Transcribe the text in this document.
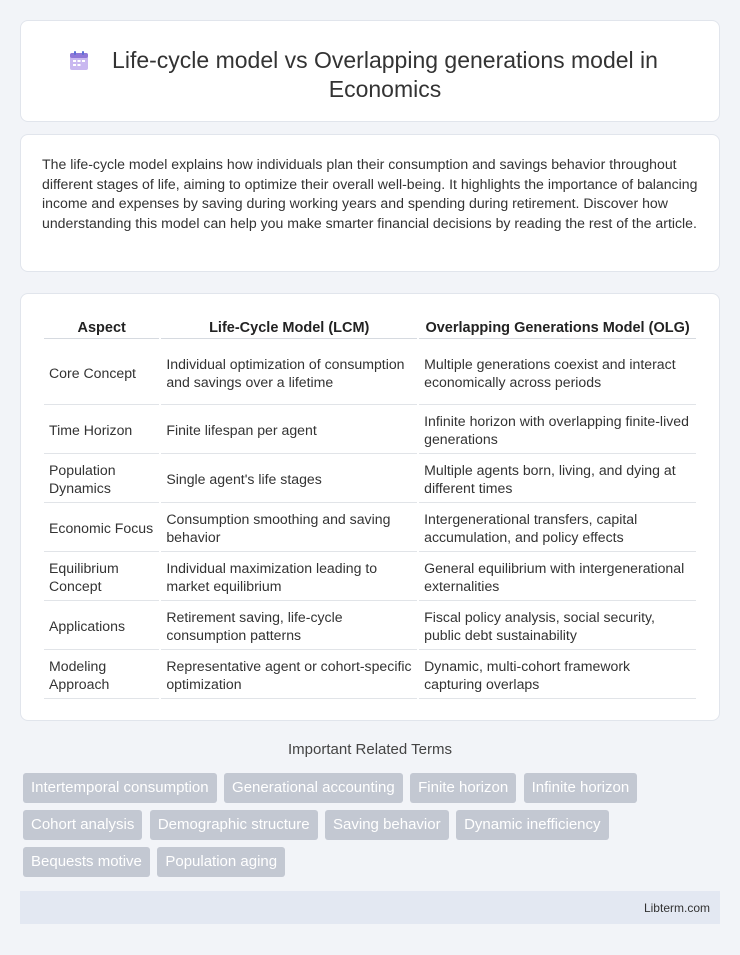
Life-cycle model vs Overlapping generations model in Economics

The life-cycle model explains how individuals plan their consumption and savings behavior throughout different stages of life, aiming to optimize their overall well-being. It highlights the importance of balancing income and expenses by saving during working years and spending during retirement. Discover how understanding this model can help you make smarter financial decisions by reading the rest of the article.

Aspect	Life-Cycle Model (LCM)	Overlapping Generations Model (OLG)
Core Concept	Individual optimization of consumption and savings over a lifetime	Multiple generations coexist and interact economically across periods
Time Horizon	Finite lifespan per agent	Infinite horizon with overlapping finite-lived generations
Population Dynamics	Single agent's life stages	Multiple agents born, living, and dying at different times
Economic Focus	Consumption smoothing and saving behavior	Intergenerational transfers, capital accumulation, and policy effects
Equilibrium Concept	Individual maximization leading to market equilibrium	General equilibrium with intergenerational externalities
Applications	Retirement saving, life-cycle consumption patterns	Fiscal policy analysis, social security, public debt sustainability
Modeling Approach	Representative agent or cohort-specific optimization	Dynamic, multi-cohort framework capturing overlaps
Important Related Terms
Intertemporal consumption Generational accounting Finite horizon Infinite horizon Cohort analysis Demographic structure Saving behavior Dynamic inefficiency Bequests motive Population aging
Libterm.com
